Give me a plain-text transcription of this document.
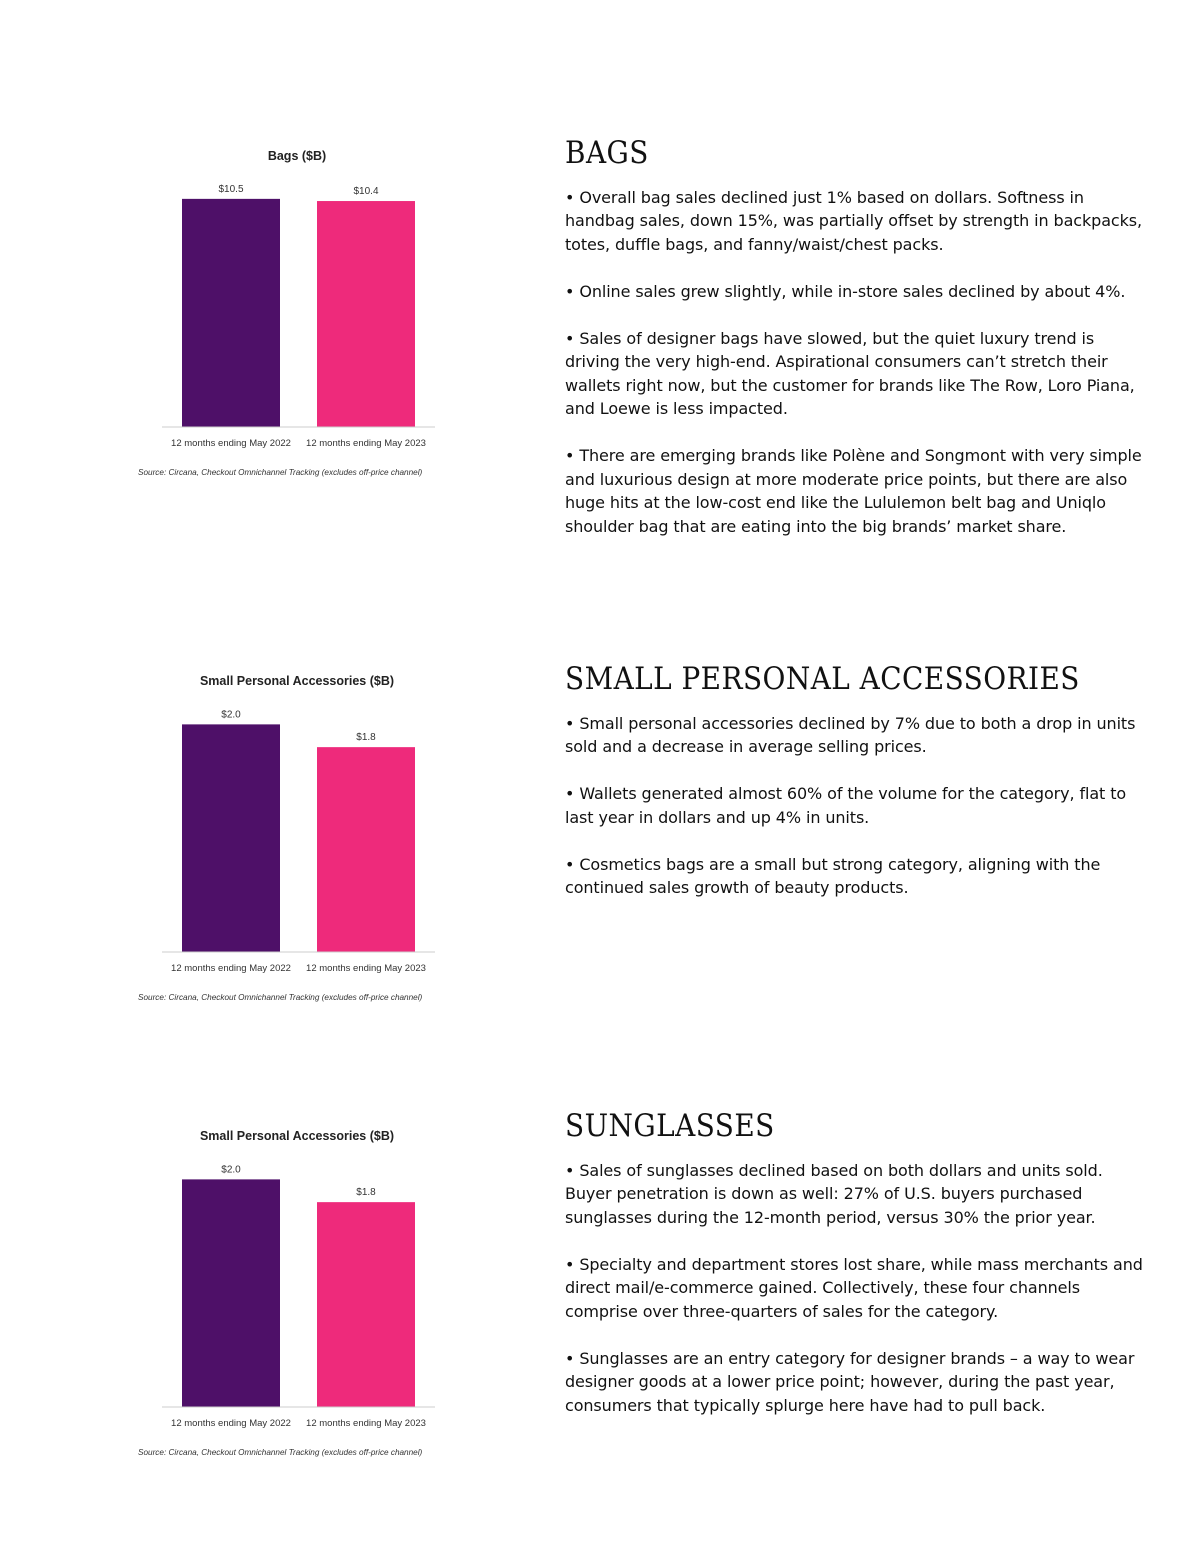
Bags ($B)
$10.5	$10.4
12 months ending May 2022 12 months ending May 2023
Source: Circana, Checkout Omnichannel Tracking (excludes off-price channel)
BAGS

• Overall bag sales declined just 1% based on dollars. Softness in handbag sales, down 15%, was partially offset by strength in backpacks, totes, duffle bags, and fanny/waist/chest packs.

• Online sales grew slightly, while in-store sales declined by about 4%.

• Sales of designer bags have slowed, but the quiet luxury trend is driving the very high-end. Aspirational consumers can’t stretch their wallets right now, but the customer for brands like The Row, Loro Piana, and Loewe is less impacted.

• There are emerging brands like Polène and Songmont with very simple and luxurious design at more moderate price points, but there are also huge hits at the low-cost end like the Lululemon belt bag and Uniqlo shoulder bag that are eating into the big brands’ market share.

Small Personal Accessories ($B)
$2.0
$1.8
12 months ending May 2022 12 months ending May 2023
Source: Circana, Checkout Omnichannel Tracking (excludes off-price channel)
SMALL PERSONAL ACCESSORIES

• Small personal accessories declined by 7% due to both a drop in units sold and a decrease in average selling prices.

• Wallets generated almost 60% of the volume for the category, flat to last year in dollars and up 4% in units.

• Cosmetics bags are a small but strong category, aligning with the continued sales growth of beauty products.

Small Personal Accessories ($B)
$2.0
$1.8
12 months ending May 2022 12 months ending May 2023
Source: Circana, Checkout Omnichannel Tracking (excludes off-price channel)
SUNGLASSES

• Sales of sunglasses declined based on both dollars and units sold. Buyer penetration is down as well: 27% of U.S. buyers purchased sunglasses during the 12-month period, versus 30% the prior year.

• Specialty and department stores lost share, while mass merchants and direct mail/e-commerce gained. Collectively, these four channels comprise over three-quarters of sales for the category.

• Sunglasses are an entry category for designer brands – a way to wear designer goods at a lower price point; however, during the past year, consumers that typically splurge here have had to pull back.
